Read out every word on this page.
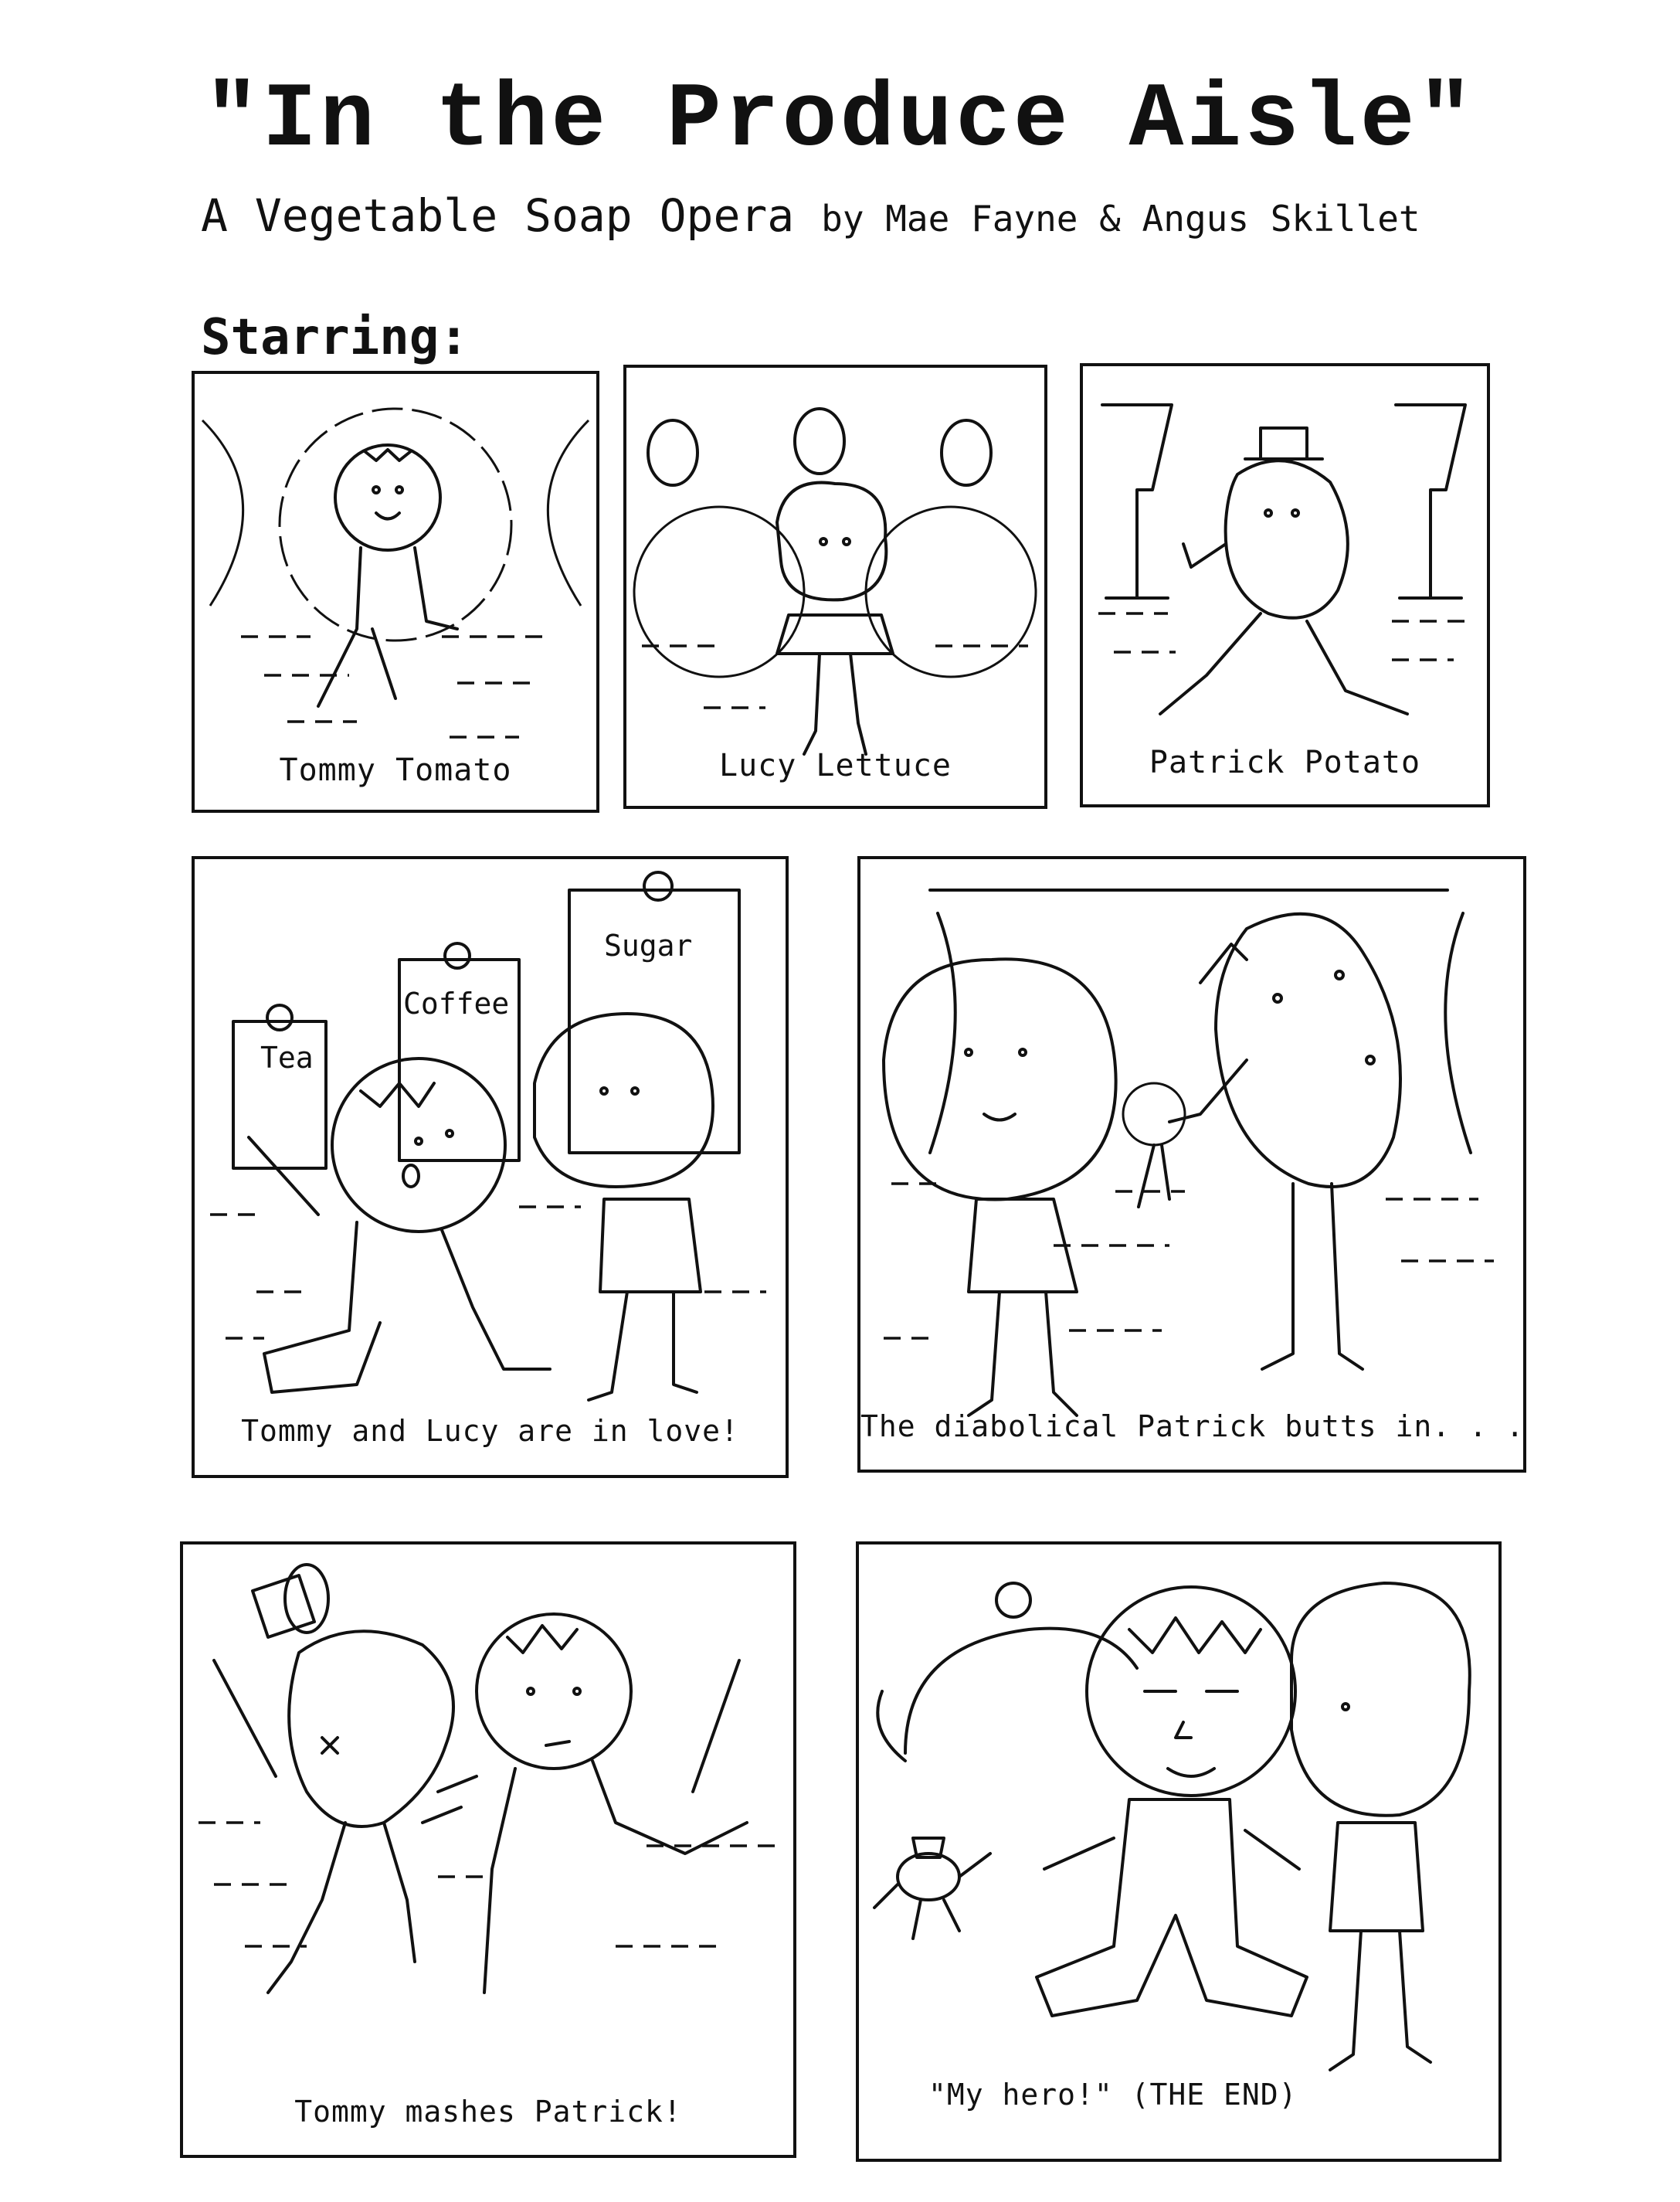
"In the Produce Aisle"

A Vegetable Soap Opera by Mae Fayne & Angus Skillet

Starring:

Tommy Tomato	Lucy Lettuce	Patrick Potato
Tea
Coffee
Sugar
Tommy and Lucy are in love!	The diabolical Patrick butts in. . .
Tommy mashes Patrick!	"My hero!" (THE END)
